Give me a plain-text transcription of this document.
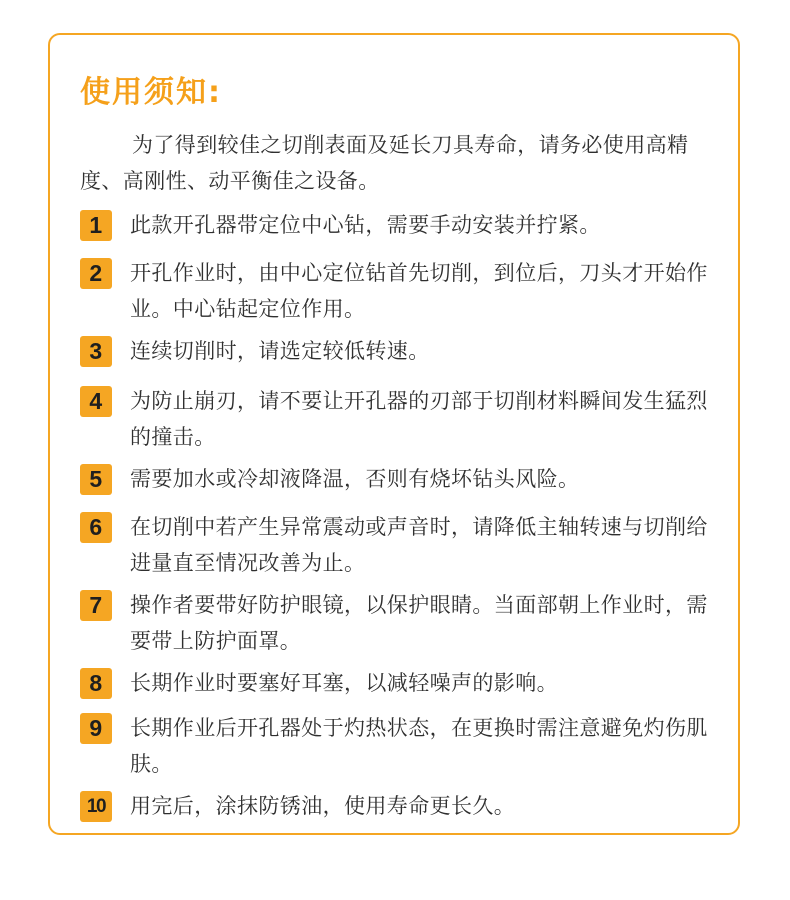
使用须知:

为了得到较佳之切削表面及延长刀具寿命，请务必使用高精度、高刚性、动平衡佳之设备。

1	此款开孔器带定位中心钻，需要手动安装并拧紧。
2	开孔作业时，由中心定位钻首先切削，到位后，刀头才开始作业。中心钻起定位作用。
3	连续切削时，请选定较低转速。
4	为防止崩刃，请不要让开孔器的刃部于切削材料瞬间发生猛烈的撞击。
5	需要加水或冷却液降温，否则有烧坏钻头风险。
6	在切削中若产生异常震动或声音时，请降低主轴转速与切削给进量直至情况改善为止。
7	操作者要带好防护眼镜，以保护眼睛。当面部朝上作业时，需要带上防护面罩。
8	长期作业时要塞好耳塞，以减轻噪声的影响。
9	长期作业后开孔器处于灼热状态，在更换时需注意避免灼伤肌肤。
10	用完后，涂抹防锈油，使用寿命更长久。
